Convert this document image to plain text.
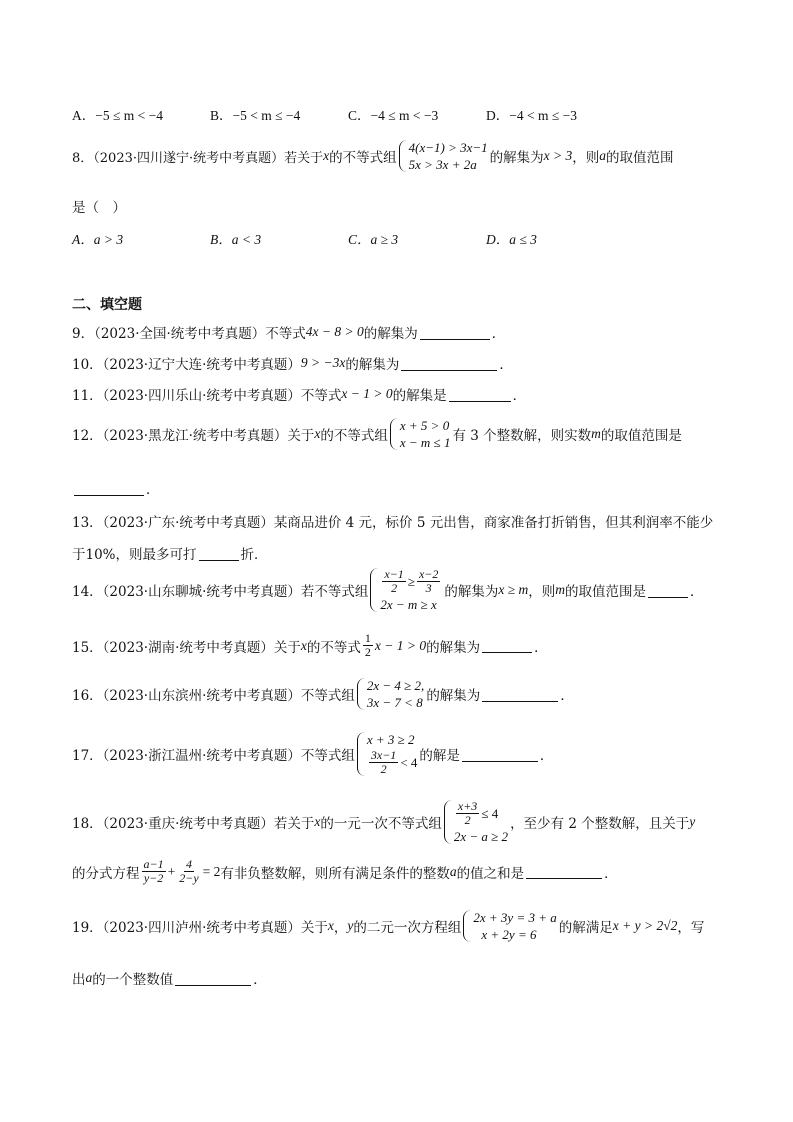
A．−5 ≤ m < −4	B．−5 < m ≤ −4	C．−4 ≤ m < −3	D．−4 < m ≤ −3
8．（2023·四川遂宁·统考中考真题）若关于 x 的不等式组
4(x−1) > 3x−1
5x > 3x + 2a 的解集为 x > 3 ，则 a 的取值范围
是（　）
A．a > 3	B．a < 3	C．a ≥ 3	D．a ≤ 3
二、填空题
9．（2023·全国·统考中考真题）不等式 4x − 8 > 0 的解集为	．
10．（2023·辽宁大连·统考中考真题） 9 > −3x 的解集为	．
11．（2023·四川乐山·统考中考真题）不等式 x − 1 > 0 的解集是	．
12．（2023·黑龙江·统考中考真题）关于 x 的不等式组
x + 5 > 0
x − m ≤ 1 有 3 个整数解，则实数 m 的取值范围是
．
13．（2023·广东·统考中考真题）某商品进价 4 元，标价 5 元出售，商家准备打折销售，但其利润率不能少
于10%，则最多可打	折．
14．（2023·山东聊城·统考中考真题）若不等式组 $\frac{x-1}{2} \ge \frac{x-2}{3}$
2x − m ≥ x
的解集为 x ≥ m ，则 m 的取值范围是	．
15．（2023·湖南·统考中考真题）关于 x 的不等式 $\frac{1}{2}$ x − 1 > 0 的解集为	．
16．（2023·山东滨州·统考中考真题）不等式组
2x − 4 ≥ 2,
3x − 7 < 8 的解集为	．
17．（2023·浙江温州·统考中考真题）不等式组
x + 3 ≥ 2
$\frac{3x-1}{2} < 4$ 的解是	．
18．（2023·重庆·统考中考真题）若关于 x 的一元一次不等式组 $\frac{x+3}{2} \le 4$
2x − a ≥ 2
，至少有 2 个整数解，且关于 y
的分式方程 $\frac{a-1}{y-2} + \frac{4}{2-y} = 2$ 有非负整数解，则所有满足条件的整数 a 的值之和是	．
19．（2023·四川泸州·统考中考真题）关于 x ， y 的二元一次方程组
2x + 3y = 3 + a
x + 2y = 6	的解满足 x + y > 2√2 ，写
出 a 的一个整数值	．
